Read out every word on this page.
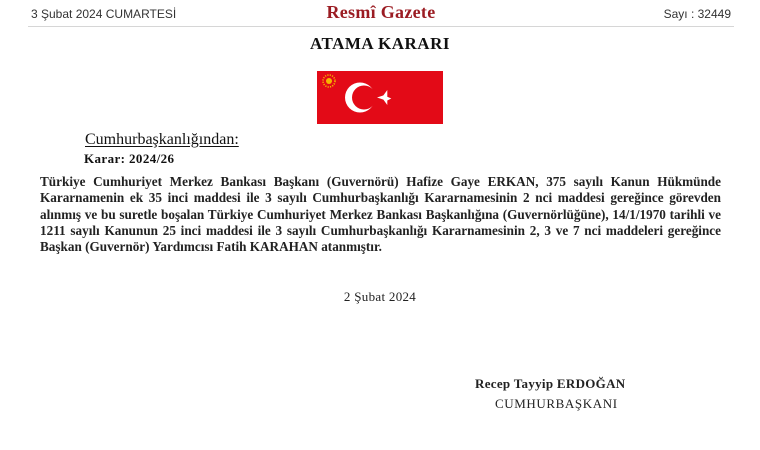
3 Şubat 2024 CUMARTESİ	Resmî Gazete	Sayı : 32449
ATAMA KARARI
Cumhurbaşkanlığından:
Karar: 2024/26
Türkiye Cumhuriyet Merkez Bankası Başkanı (Guvernörü) Hafize Gaye ERKAN, 375 sayılı Kanun Hükmünde Kararnamenin ek 35 inci maddesi ile 3 sayılı Cumhurbaşkanlığı Kararnamesinin 2 nci maddesi gereğince görevden alınmış ve bu suretle boşalan Türkiye Cumhuriyet Merkez Bankası Başkanlığına (Guvernörlüğüne), 14/1/1970 tarihli ve 1211 sayılı Kanunun 25 inci maddesi ile 3 sayılı Cumhurbaşkanlığı Kararnamesinin 2, 3 ve 7 nci maddeleri gereğince Başkan (Guvernör) Yardımcısı Fatih KARAHAN atanmıştır.
2 Şubat 2024
Recep Tayyip ERDOĞAN
CUMHURBAŞKANI
